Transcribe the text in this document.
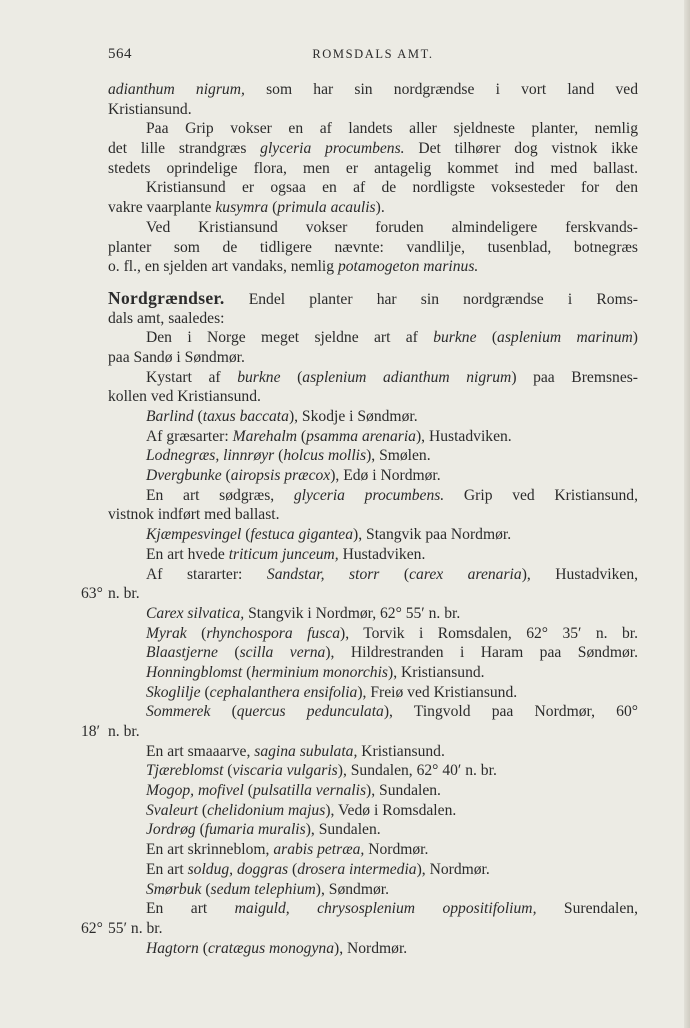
564	ROMSDALS AMT.
adianthum nigrum, som har sin nordgrændse i vort land ved
Kristiansund.
Paa Grip vokser en af landets aller sjeldneste planter, nemlig
det lille strandgræs glyceria procumbens. Det tilhører dog vistnok ikke
stedets oprindelige flora, men er antagelig kommet ind med ballast.
Kristiansund er ogsaa en af de nordligste voksesteder for den
vakre vaarplante kusymra (primula acaulis).
Ved Kristiansund vokser foruden almindeligere ferskvands-
planter som de tidligere nævnte: vandlilje, tusenblad, botnegræs
o. fl., en sjelden art vandaks, nemlig potamogeton marinus.
Nordgrændser. Endel planter har sin nordgrændse i Roms-
dals amt, saaledes:
Den i Norge meget sjeldne art af burkne (asplenium marinum)
paa Sandø i Søndmør.
Kystart af burkne (asplenium adianthum nigrum) paa Bremsnes-
kollen ved Kristiansund.
Barlind (taxus baccata), Skodje i Søndmør.
Af græsarter: Marehalm (psamma arenaria), Hustadviken.
Lodnegræs, linnrøyr (holcus mollis), Smølen.
Dvergbunke (airopsis præcox), Edø i Nordmør.
En art sødgræs, glyceria procumbens. Grip ved Kristiansund,
vistnok indført med ballast.
Kjæmpesvingel (festuca gigantea), Stangvik paa Nordmør.
En art hvede triticum junceum, Hustadviken.
Af stararter: Sandstar, storr (carex arenaria), Hustadviken,
63° n. br.
Carex silvatica, Stangvik i Nordmør, 62° 55′ n. br.
Myrak (rhynchospora fusca), Torvik i Romsdalen, 62° 35′ n. br.
Blaastjerne (scilla verna), Hildrestranden i Haram paa Søndmør.
Honningblomst (herminium monorchis), Kristiansund.
Skoglilje (cephalanthera ensifolia), Freiø ved Kristiansund.
Sommerek (quercus pedunculata), Tingvold paa Nordmør, 60°
18′ n. br.
En art smaaarve, sagina subulata, Kristiansund.
Tjæreblomst (viscaria vulgaris), Sundalen, 62° 40′ n. br.
Mogop, mofivel (pulsatilla vernalis), Sundalen.
Svaleurt (chelidonium majus), Vedø i Romsdalen.
Jordrøg (fumaria muralis), Sundalen.
En art skrinneblom, arabis petræa, Nordmør.
En art soldug, doggras (drosera intermedia), Nordmør.
Smørbuk (sedum telephium), Søndmør.
En art maiguld, chrysosplenium oppositifolium, Surendalen,
62° 55′ n. br.
Hagtorn (cratægus monogyna), Nordmør.
